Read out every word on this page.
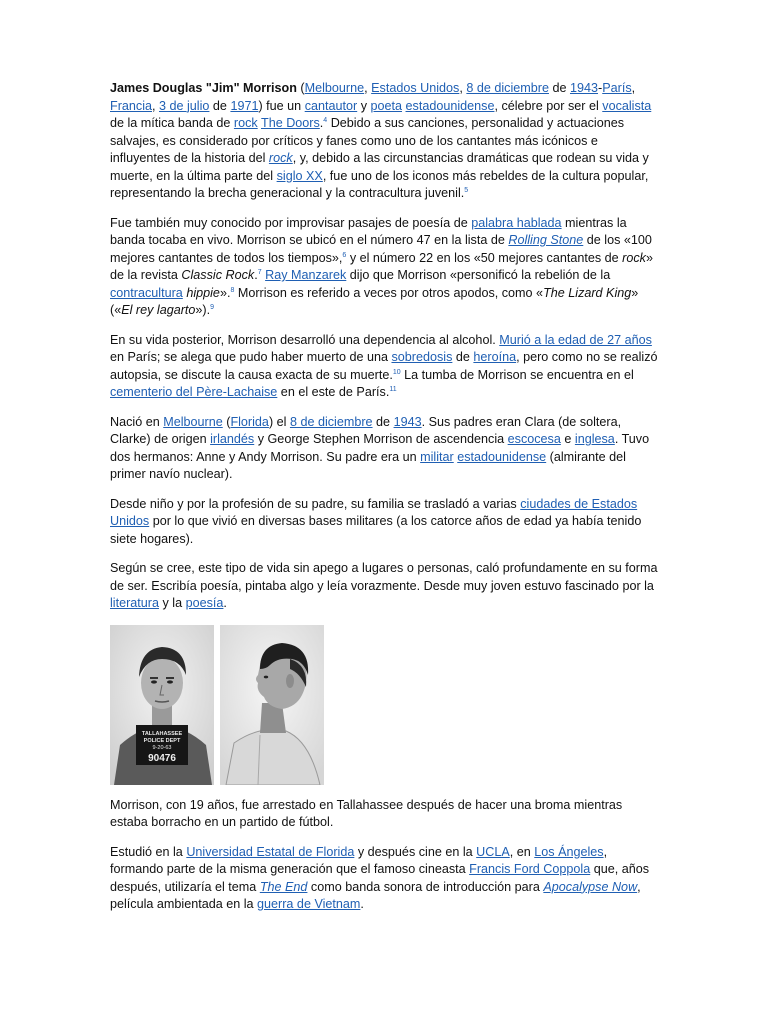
James Douglas "Jim" Morrison (Melbourne, Estados Unidos, 8 de diciembre de 1943-París, Francia, 3 de julio de 1971) fue un cantautor y poeta estadounidense, célebre por ser el vocalista de la mítica banda de rock The Doors.$^4$ Debido a sus canciones, personalidad y actuaciones salvajes, es considerado por críticos y fanes como uno de los cantantes más icónicos e influyentes de la historia del rock, y, debido a las circunstancias dramáticas que rodean su vida y muerte, en la última parte del siglo XX, fue uno de los iconos más rebeldes de la cultura popular, representando la brecha generacional y la contracultura juvenil.$^5$

Fue también muy conocido por improvisar pasajes de poesía de palabra hablada mientras la banda tocaba en vivo. Morrison se ubicó en el número 47 en la lista de Rolling Stone de los «100 mejores cantantes de todos los tiempos»,$^6$ y el número 22 en los «50 mejores cantantes de rock» de la revista Classic Rock.$^7$ Ray Manzarek dijo que Morrison «personificó la rebelión de la contracultura hippie».$^8$ Morrison es referido a veces por otros apodos, como «The Lizard King» («El rey lagarto»).$^9$

En su vida posterior, Morrison desarrolló una dependencia al alcohol. Murió a la edad de 27 años en París; se alega que pudo haber muerto de una sobredosis de heroína, pero como no se realizó autopsia, se discute la causa exacta de su muerte.$^{10}$ La tumba de Morrison se encuentra en el cementerio del Père-Lachaise en el este de París.$^{11}$

Nació en Melbourne (Florida) el 8 de diciembre de 1943. Sus padres eran Clara (de soltera, Clarke) de origen irlandés y George Stephen Morrison de ascendencia escocesa e inglesa. Tuvo dos hermanos: Anne y Andy Morrison. Su padre era un militar estadounidense (almirante del primer navío nuclear).

Desde niño y por la profesión de su padre, su familia se trasladó a varias ciudades de Estados Unidos por lo que vivió en diversas bases militares (a los catorce años de edad ya había tenido siete hogares).

Según se cree, este tipo de vida sin apego a lugares o personas, caló profundamente en su forma de ser. Escribía poesía, pintaba algo y leía vorazmente. Desde muy joven estuvo fascinado por la literatura y la poesía.

TALLAHASSEE
POLICE DEPT
9-20-63
90476

Morrison, con 19 años, fue arrestado en Tallahassee después de hacer una broma mientras estaba borracho en un partido de fútbol.

Estudió en la Universidad Estatal de Florida y después cine en la UCLA, en Los Ángeles, formando parte de la misma generación que el famoso cineasta Francis Ford Coppola que, años después, utilizaría el tema The End como banda sonora de introducción para Apocalypse Now, película ambientada en la guerra de Vietnam.
